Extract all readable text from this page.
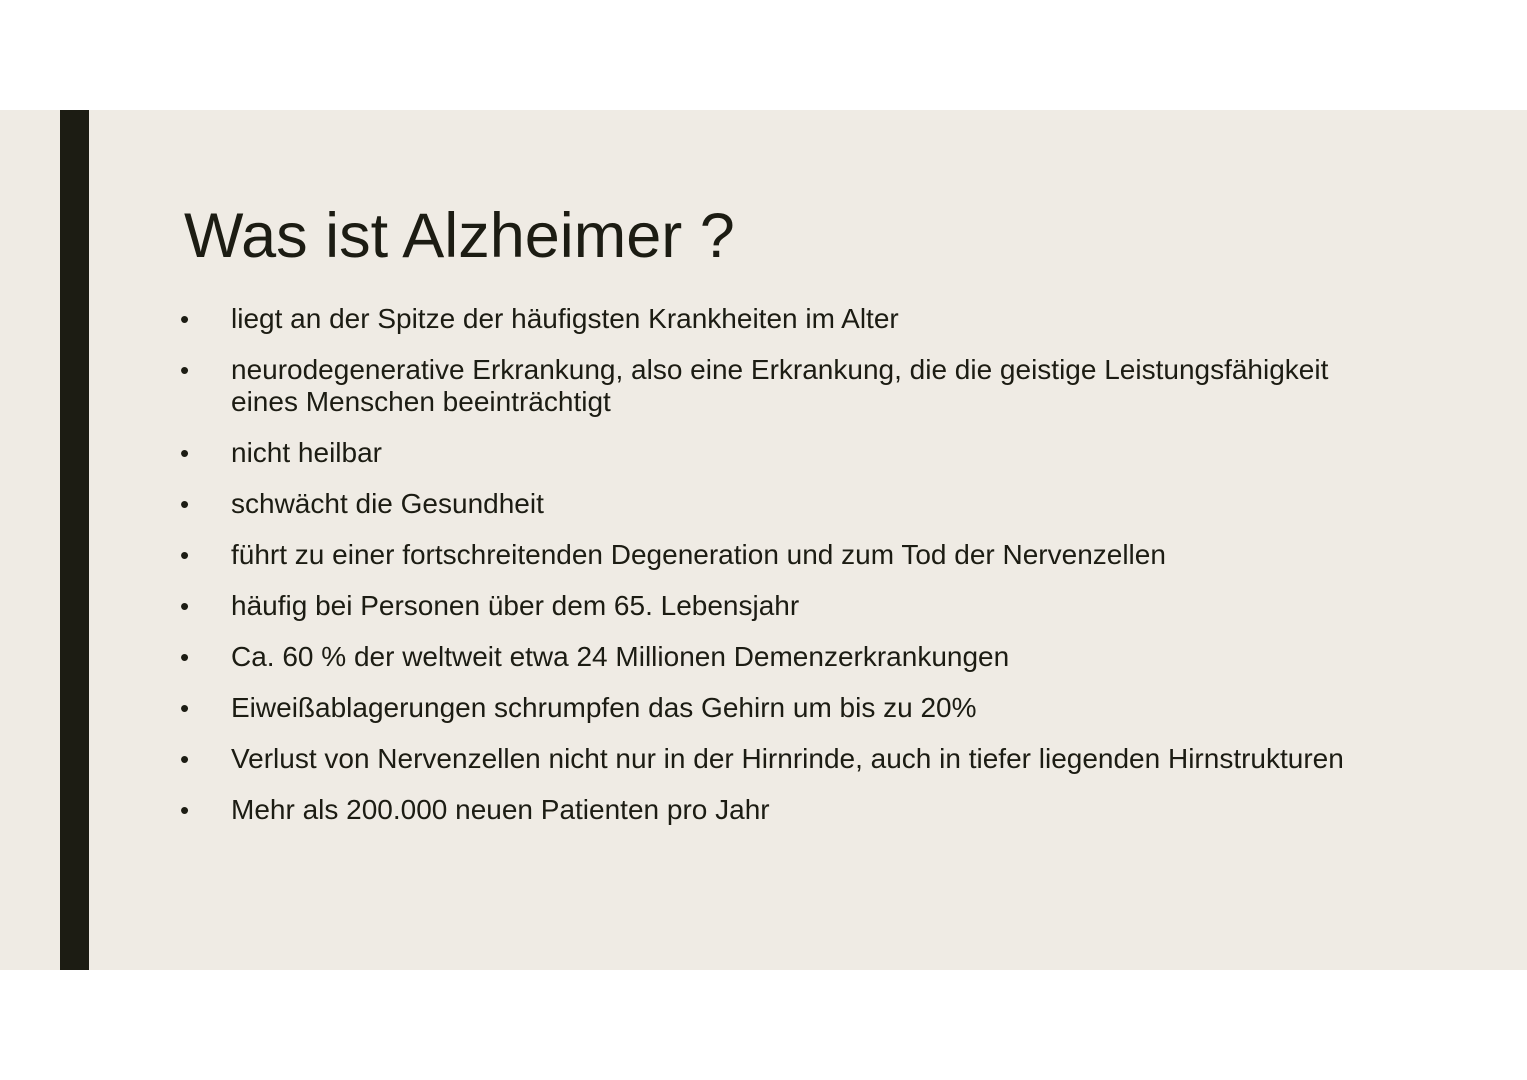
Was ist Alzheimer ?
• liegt an der Spitze der häufigsten Krankheiten im Alter
• neurodegenerative Erkrankung, also eine Erkrankung, die die geistige Leistungsfähigkeit eines Menschen beeinträchtigt
• nicht heilbar
• schwächt die Gesundheit
• führt zu einer fortschreitenden Degeneration und zum Tod der Nervenzellen
• häufig bei Personen über dem 65. Lebensjahr
• Ca. 60 % der weltweit etwa 24 Millionen Demenzerkrankungen
• Eiweißablagerungen schrumpfen das Gehirn um bis zu 20%
• Verlust von Nervenzellen nicht nur in der Hirnrinde, auch in tiefer liegenden Hirnstrukturen
• Mehr als 200.000 neuen Patienten pro Jahr
